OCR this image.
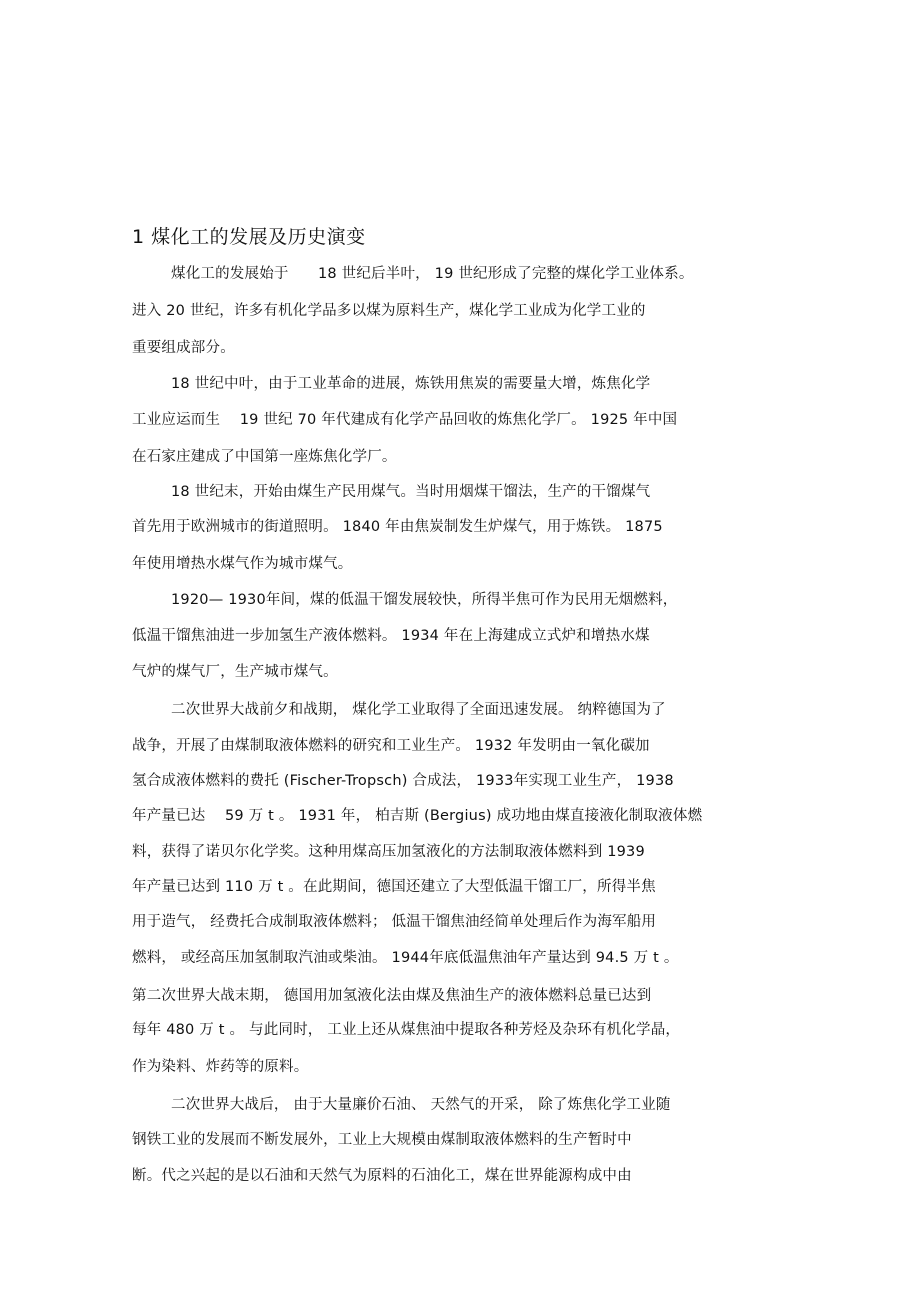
1 煤化工的发展及历史演变
煤化工的发展始于　　18 世纪后半叶， 19 世纪形成了完整的煤化学工业体系。
进入 20 世纪，许多有机化学品多以煤为原料生产，煤化学工业成为化学工业的
重要组成部分。
18 世纪中叶，由于工业革命的进展，炼铁用焦炭的需要量大增，炼焦化学
工业应运而生　 19 世纪 70 年代建成有化学产品回收的炼焦化学厂。 1925 年中国
在石家庄建成了中国第一座炼焦化学厂。
18 世纪末，开始由煤生产民用煤气。当时用烟煤干馏法，生产的干馏煤气
首先用于欧洲城市的街道照明。 1840 年由焦炭制发生炉煤气，用于炼铁。 1875
年使用增热水煤气作为城市煤气。
1920— 1930年间，煤的低温干馏发展较快，所得半焦可作为民用无烟燃料，
低温干馏焦油进一步加氢生产液体燃料。 1934 年在上海建成立式炉和增热水煤
气炉的煤气厂，生产城市煤气。
二次世界大战前夕和战期， 煤化学工业取得了全面迅速发展。 纳粹德国为了
战争，开展了由煤制取液体燃料的研究和工业生产。 1932 年发明由一氧化碳加
氢合成液体燃料的费托 (Fischer-Tropsch) 合成法， 1933年实现工业生产， 1938
年产量已达　 59 万 t 。 1931 年， 柏吉斯 (Bergius) 成功地由煤直接液化制取液体燃
料，获得了诺贝尔化学奖。这种用煤高压加氢液化的方法制取液体燃料到 1939
年产量已达到 110 万 t 。在此期间，德国还建立了大型低温干馏工厂，所得半焦
用于造气， 经费托合成制取液体燃料； 低温干馏焦油经简单处理后作为海军船用
燃料， 或经高压加氢制取汽油或柴油。 1944年底低温焦油年产量达到 94.5 万 t 。
第二次世界大战末期， 德国用加氢液化法由煤及焦油生产的液体燃料总量已达到
每年 480 万 t 。 与此同时， 工业上还从煤焦油中提取各种芳烃及杂环有机化学晶，
作为染料、炸药等的原料。
二次世界大战后， 由于大量廉价石油、 天然气的开采， 除了炼焦化学工业随
钢铁工业的发展而不断发展外，工业上大规模由煤制取液体燃料的生产暂时中
断。代之兴起的是以石油和天然气为原料的石油化工，煤在世界能源构成中由
